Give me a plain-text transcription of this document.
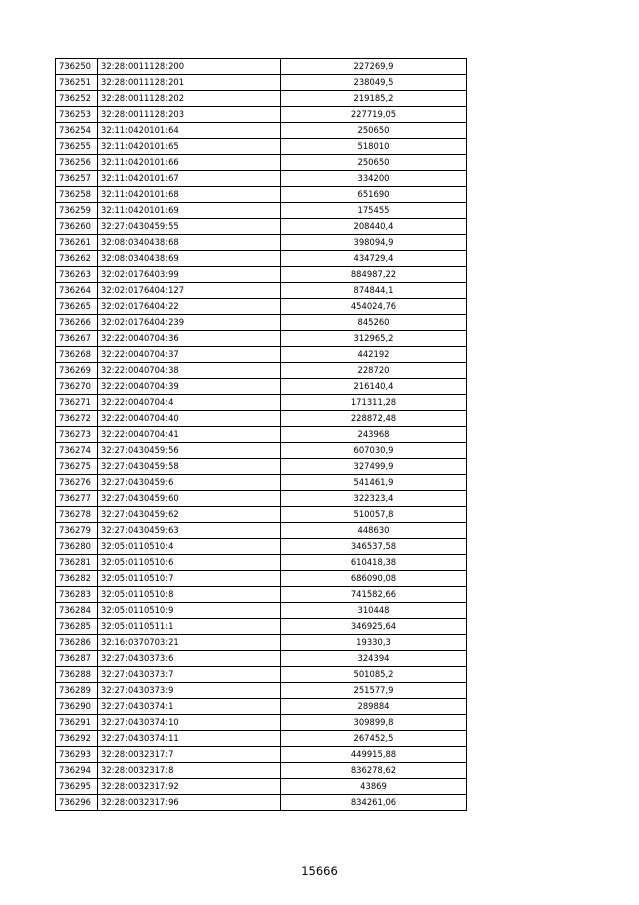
736250	32:28:0011128:200	227269,9
736251	32:28:0011128:201	238049,5
736252	32:28:0011128:202	219185,2
736253	32:28:0011128:203	227719,05
736254	32:11:0420101:64	250650
736255	32:11:0420101:65	518010
736256	32:11:0420101:66	250650
736257	32:11:0420101:67	334200
736258	32:11:0420101:68	651690
736259	32:11:0420101:69	175455
736260	32:27:0430459:55	208440,4
736261	32:08:0340438:68	398094,9
736262	32:08:0340438:69	434729,4
736263	32:02:0176403:99	884987,22
736264	32:02:0176404:127	874844,1
736265	32:02:0176404:22	454024,76
736266	32:02:0176404:239	845260
736267	32:22:0040704:36	312965,2
736268	32:22:0040704:37	442192
736269	32:22:0040704:38	228720
736270	32:22:0040704:39	216140,4
736271	32:22:0040704:4	171311,28
736272	32:22:0040704:40	228872,48
736273	32:22:0040704:41	243968
736274	32:27:0430459:56	607030,9
736275	32:27:0430459:58	327499,9
736276	32:27:0430459:6	541461,9
736277	32:27:0430459:60	322323,4
736278	32:27:0430459:62	510057,8
736279	32:27:0430459:63	448630
736280	32:05:0110510:4	346537,58
736281	32:05:0110510:6	610418,38
736282	32:05:0110510:7	686090,08
736283	32:05:0110510:8	741582,66
736284	32:05:0110510:9	310448
736285	32:05:0110511:1	346925,64
736286	32:16:0370703:21	19330,3
736287	32:27:0430373:6	324394
736288	32:27:0430373:7	501085,2
736289	32:27:0430373:9	251577,9
736290	32:27:0430374:1	289884
736291	32:27:0430374:10	309899,8
736292	32:27:0430374:11	267452,5
736293	32:28:0032317:7	449915,88
736294	32:28:0032317:8	836278,62
736295	32:28:0032317:92	43869
736296	32:28:0032317:96	834261,06
15666
